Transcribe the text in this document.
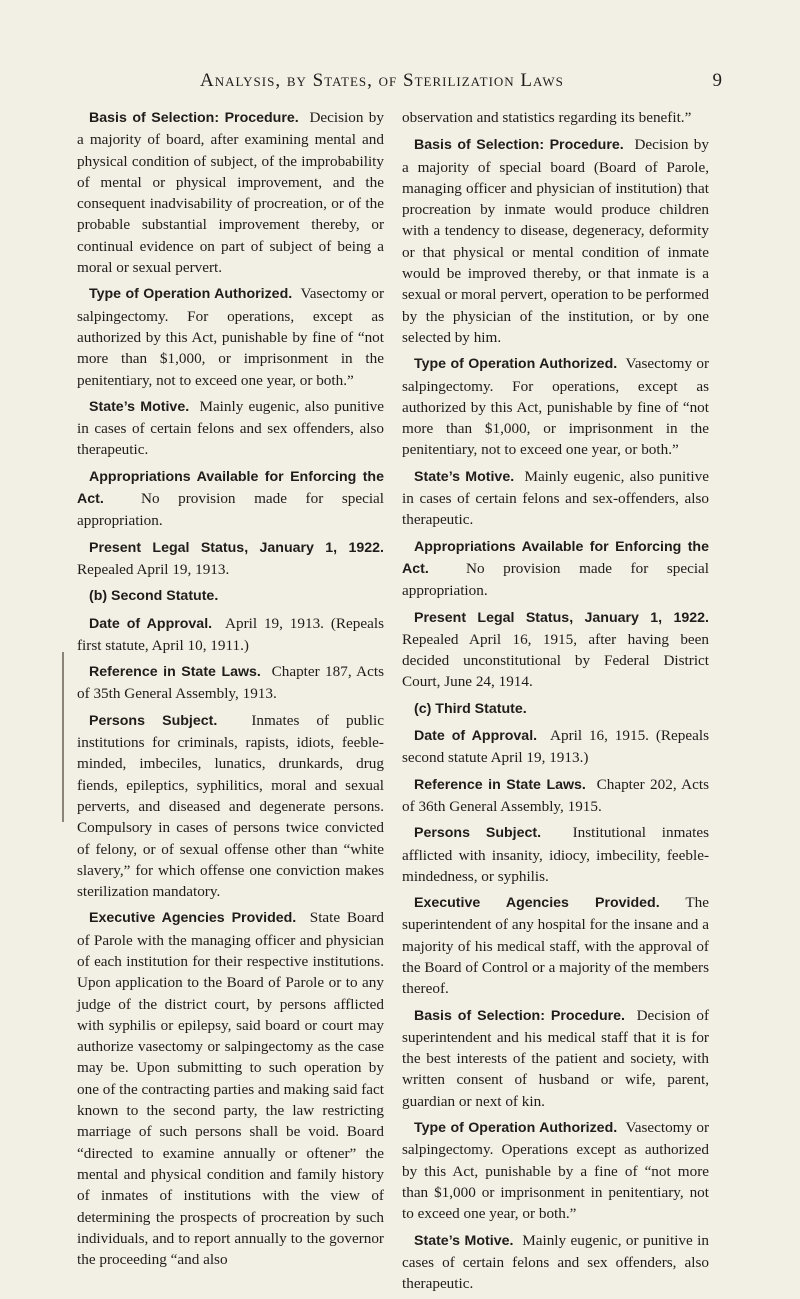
Analysis, by States, of Sterilization Laws	9

Basis of Selection: Procedure. Decision by a majority of board, after examining mental and physical condition of subject, of the improbability of mental or physical improvement, and the consequent inadvisability of procreation, or of the probable substantial improvement thereby, or continual evidence on part of subject of being a moral or sexual pervert.

Type of Operation Authorized. Vasectomy or salpingectomy. For operations, except as authorized by this Act, punishable by fine of “not more than $1,000, or imprisonment in the penitentiary, not to exceed one year, or both.”

State’s Motive. Mainly eugenic, also punitive in cases of certain felons and sex offenders, also therapeutic.

Appropriations Available for Enforcing the Act. No provision made for special appropriation.

Present Legal Status, January 1, 1922. Repealed April 19, 1913.

(b) Second Statute.

Date of Approval. April 19, 1913. (Repeals first statute, April 10, 1911.)

Reference in State Laws. Chapter 187, Acts of 35th General Assembly, 1913.

Persons Subject. Inmates of public institutions for criminals, rapists, idiots, feeble-minded, imbeciles, lunatics, drunkards, drug fiends, epileptics, syphilitics, moral and sexual perverts, and diseased and degenerate persons. Compulsory in cases of persons twice convicted of felony, or of sexual offense other than “white slavery,” for which offense one conviction makes sterilization mandatory.

Executive Agencies Provided. State Board of Parole with the managing officer and physician of each institution for their respective institutions. Upon application to the Board of Parole or to any judge of the district court, by persons afflicted with syphilis or epilepsy, said board or court may authorize vasectomy or salpingectomy as the case may be. Upon submitting to such operation by one of the contracting parties and making said fact known to the second party, the law restricting marriage of such persons shall be void. Board “directed to examine annually or oftener” the mental and physical condition and family history of inmates of institutions with the view of determining the prospects of procreation by such individuals, and to report annually to the governor the proceeding “and also

observation and statistics regarding its benefit.”

Basis of Selection: Procedure. Decision by a majority of special board (Board of Parole, managing officer and physician of institution) that procreation by inmate would produce children with a tendency to disease, degeneracy, deformity or that physical or mental condition of inmate would be improved thereby, or that inmate is a sexual or moral pervert, operation to be performed by the physician of the institution, or by one selected by him.

Type of Operation Authorized. Vasectomy or salpingectomy. For operations, except as authorized by this Act, punishable by fine of “not more than $1,000, or imprisonment in the penitentiary, not to exceed one year, or both.”

State’s Motive. Mainly eugenic, also punitive in cases of certain felons and sex-offenders, also therapeutic.

Appropriations Available for Enforcing the Act. No provision made for special appropriation.

Present Legal Status, January 1, 1922. Repealed April 16, 1915, after having been decided unconstitutional by Federal District Court, June 24, 1914.

(c) Third Statute.

Date of Approval. April 16, 1915. (Repeals second statute April 19, 1913.)

Reference in State Laws. Chapter 202, Acts of 36th General Assembly, 1915.

Persons Subject. Institutional inmates afflicted with insanity, idiocy, imbecility, feeble-mindedness, or syphilis.

Executive Agencies Provided. The superintendent of any hospital for the insane and a majority of his medical staff, with the approval of the Board of Control or a majority of the members thereof.

Basis of Selection: Procedure. Decision of superintendent and his medical staff that it is for the best interests of the patient and society, with written consent of husband or wife, parent, guardian or next of kin.

Type of Operation Authorized. Vasectomy or salpingectomy. Operations except as authorized by this Act, punishable by a fine of “not more than $1,000 or imprisonment in penitentiary, not to exceed one year, or both.”

State’s Motive. Mainly eugenic, or punitive in cases of certain felons and sex offenders, also therapeutic.
